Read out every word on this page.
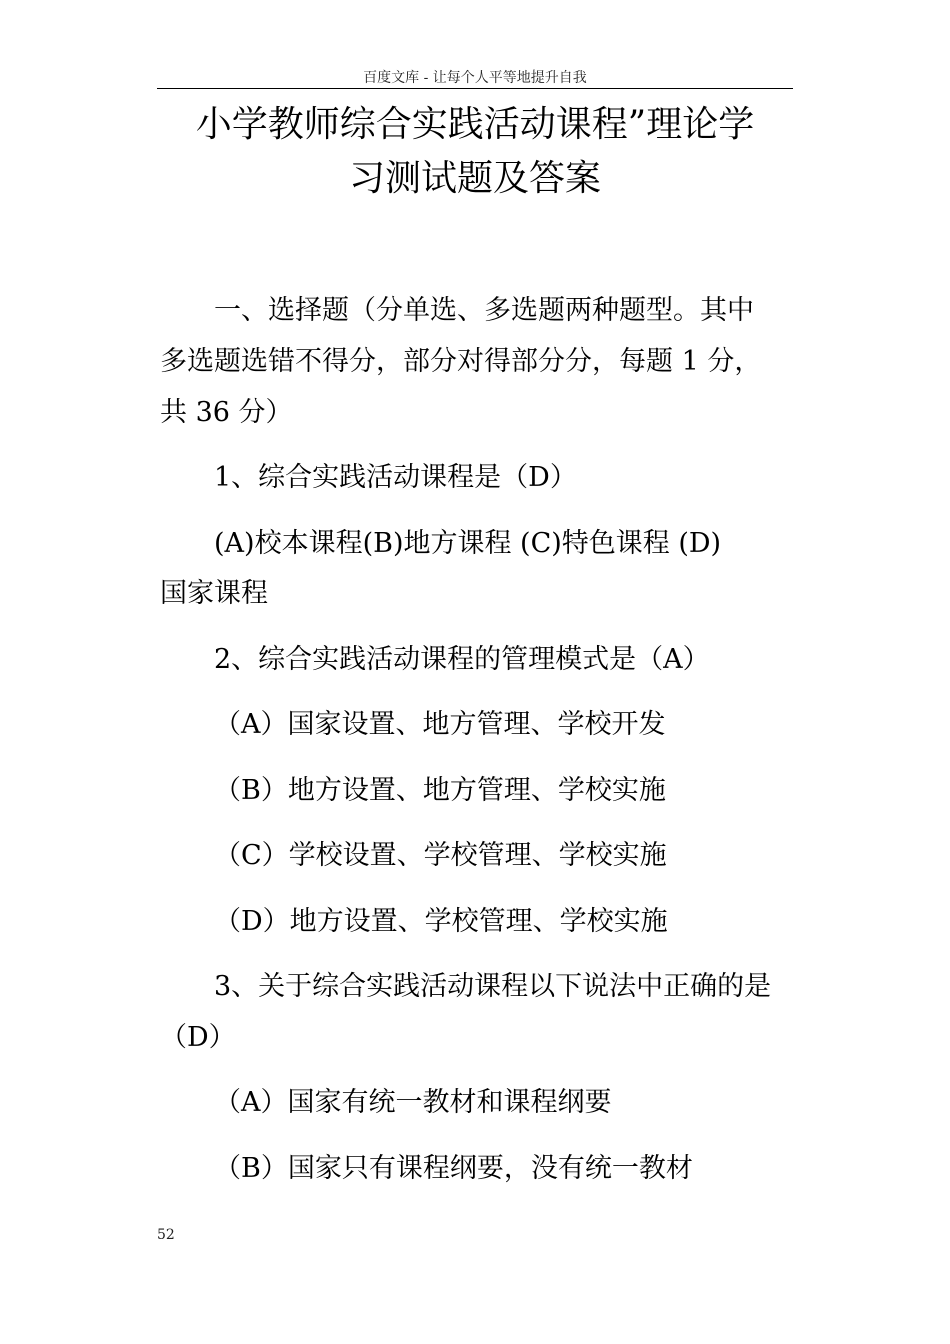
百度文库 - 让每个人平等地提升自我
小学教师综合实践活动课程”理论学
习测试题及答案
一、选择题（分单选、多选题两种题型。其中
多选题选错不得分，部分对得部分分，每题 1 分，
共 36 分）
1、综合实践活动课程是（D）
(A)校本课程(B)地方课程 (C)特色课程 (D)
国家课程
2、综合实践活动课程的管理模式是（A）
（A）国家设置、地方管理、学校开发
（B）地方设置、地方管理、学校实施
（C）学校设置、学校管理、学校实施
（D）地方设置、学校管理、学校实施
3、关于综合实践活动课程以下说法中正确的是
（D）
（A）国家有统一教材和课程纲要
（B）国家只有课程纲要，没有统一教材
52
